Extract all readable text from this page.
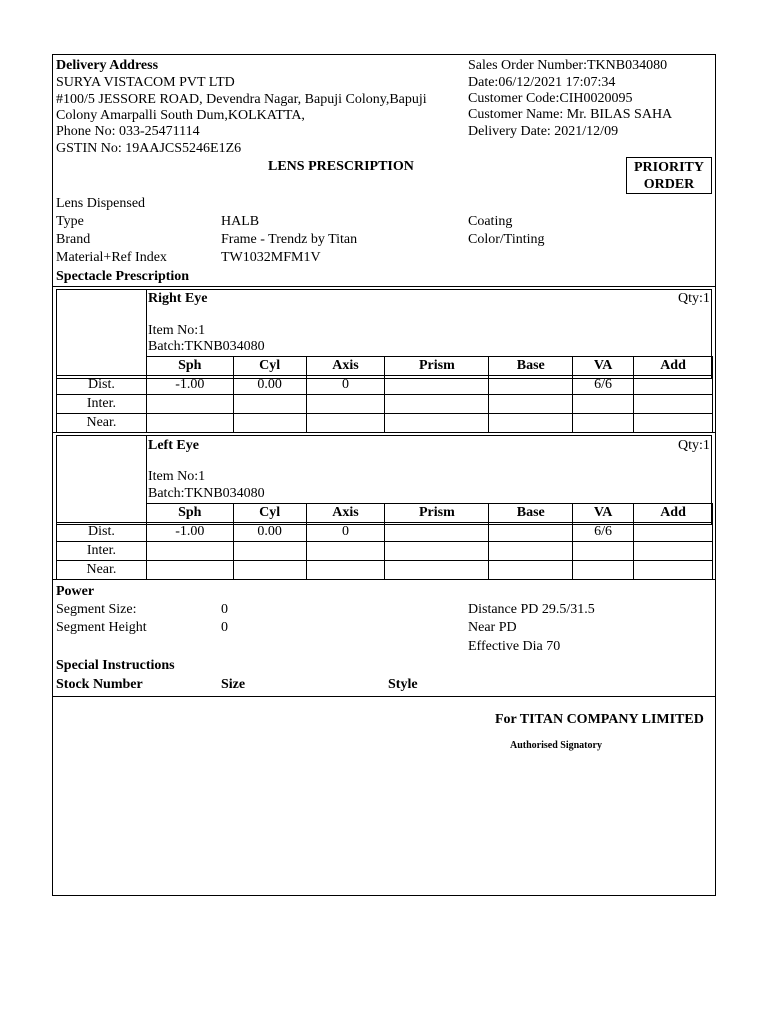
Delivery Address
SURYA VISTACOM PVT LTD
#100/5 JESSORE ROAD, Devendra Nagar, Bapuji Colony,Bapuji
Colony Amarpalli South Dum,KOLKATTA,
Phone No: 033-25471114
GSTIN No: 19AAJCS5246E1Z6
Sales Order Number:TKNB034080
Date:06/12/2021 17:07:34
Customer Code:CIH0020095
Customer Name: Mr. BILAS SAHA
Delivery Date: 2021/12/09
LENS PRESCRIPTION	PRIORITY
ORDER
Lens Dispensed
Type	HALB	Coating
Brand	Frame - Trendz by Titan	Color/Tinting
Material+Ref Index	TW1032MFM1V
Spectacle Prescription
Right Eye	Qty:1
Item No:1
Batch:TKNB034080
	Sph	Cyl	Axis	Prism	Base	VA	Add
Dist.	-1.00	0.00	0			6/6	
Inter.							
Near.							
Left Eye	Qty:1
Item No:1
Batch:TKNB034080
	Sph	Cyl	Axis	Prism	Base	VA	Add
Dist.	-1.00	0.00	0			6/6	
Inter.							
Near.							
Power
Segment Size:	0	Distance PD 29.5/31.5
Segment Height	0	Near PD
Effective Dia 70
Special Instructions
Stock Number	Size	Style
For TITAN COMPANY LIMITED
Authorised Signatory
